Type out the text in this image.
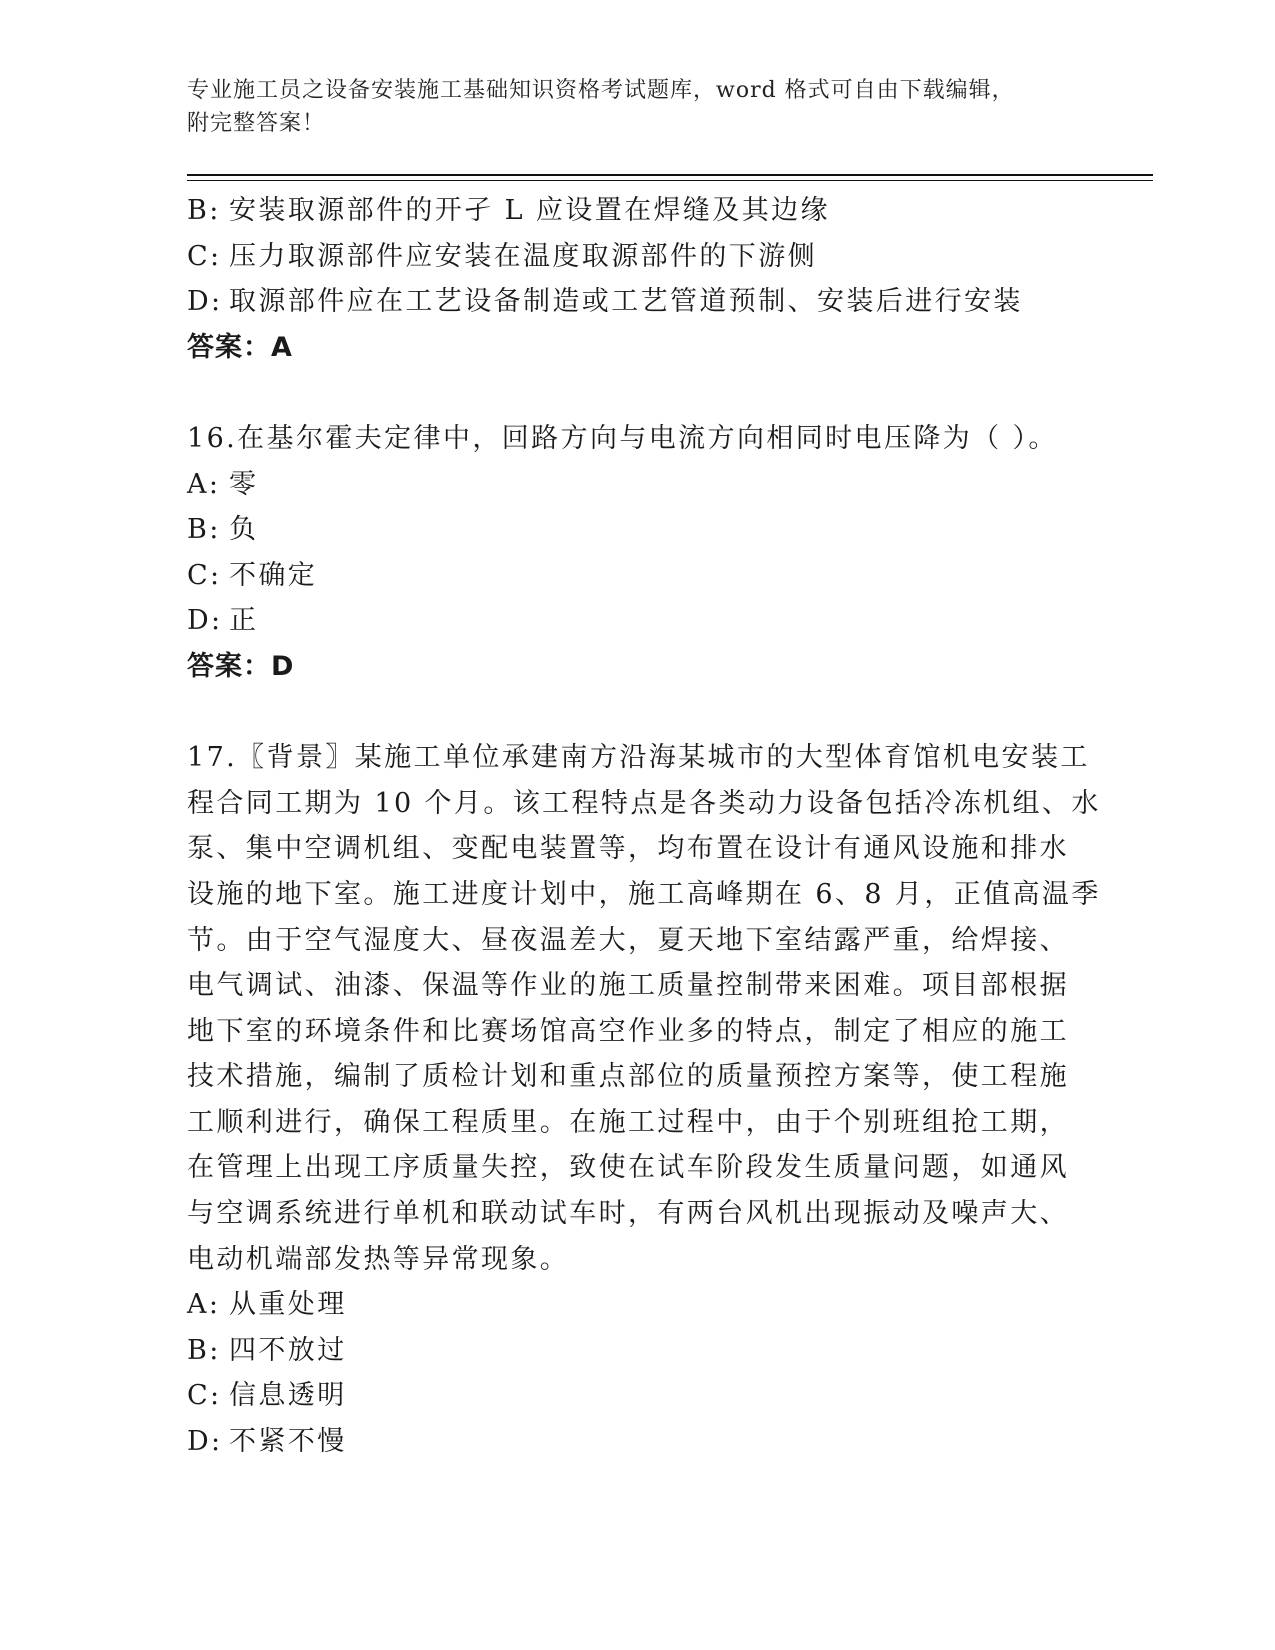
专业施工员之设备安装施工基础知识资格考试题库，word 格式可自由下载编辑，
附完整答案！
B: 安装取源部件的开孑 L 应设置在焊缝及其边缘
C: 压力取源部件应安装在温度取源部件的下游侧
D: 取源部件应在工艺设备制造或工艺管道预制、安装后进行安装
答案：A
16.在基尔霍夫定律中，回路方向与电流方向相同时电压降为（ ）。
A: 零
B: 负
C: 不确定
D: 正
答案：D
17.〖背景〗某施工单位承建南方沿海某城市的大型体育馆机电安装工
程合同工期为 10 个月。该工程特点是各类动力设备包括冷冻机组、水
泵、集中空调机组、变配电装置等，均布置在设计有通风设施和排水
设施的地下室。施工进度计划中，施工高峰期在 6、8 月，正值高温季
节。由于空气湿度大、昼夜温差大，夏天地下室结露严重，给焊接、
电气调试、油漆、保温等作业的施工质量控制带来困难。项目部根据
地下室的环境条件和比赛场馆高空作业多的特点，制定了相应的施工
技术措施，编制了质检计划和重点部位的质量预控方案等，使工程施
工顺利进行，确保工程质里。在施工过程中，由于个别班组抢工期，
在管理上出现工序质量失控，致使在试车阶段发生质量问题，如通风
与空调系统进行单机和联动试车时，有两台风机出现振动及噪声大、
电动机端部发热等异常现象。
A: 从重处理
B: 四不放过
C: 信息透明
D: 不紧不慢
